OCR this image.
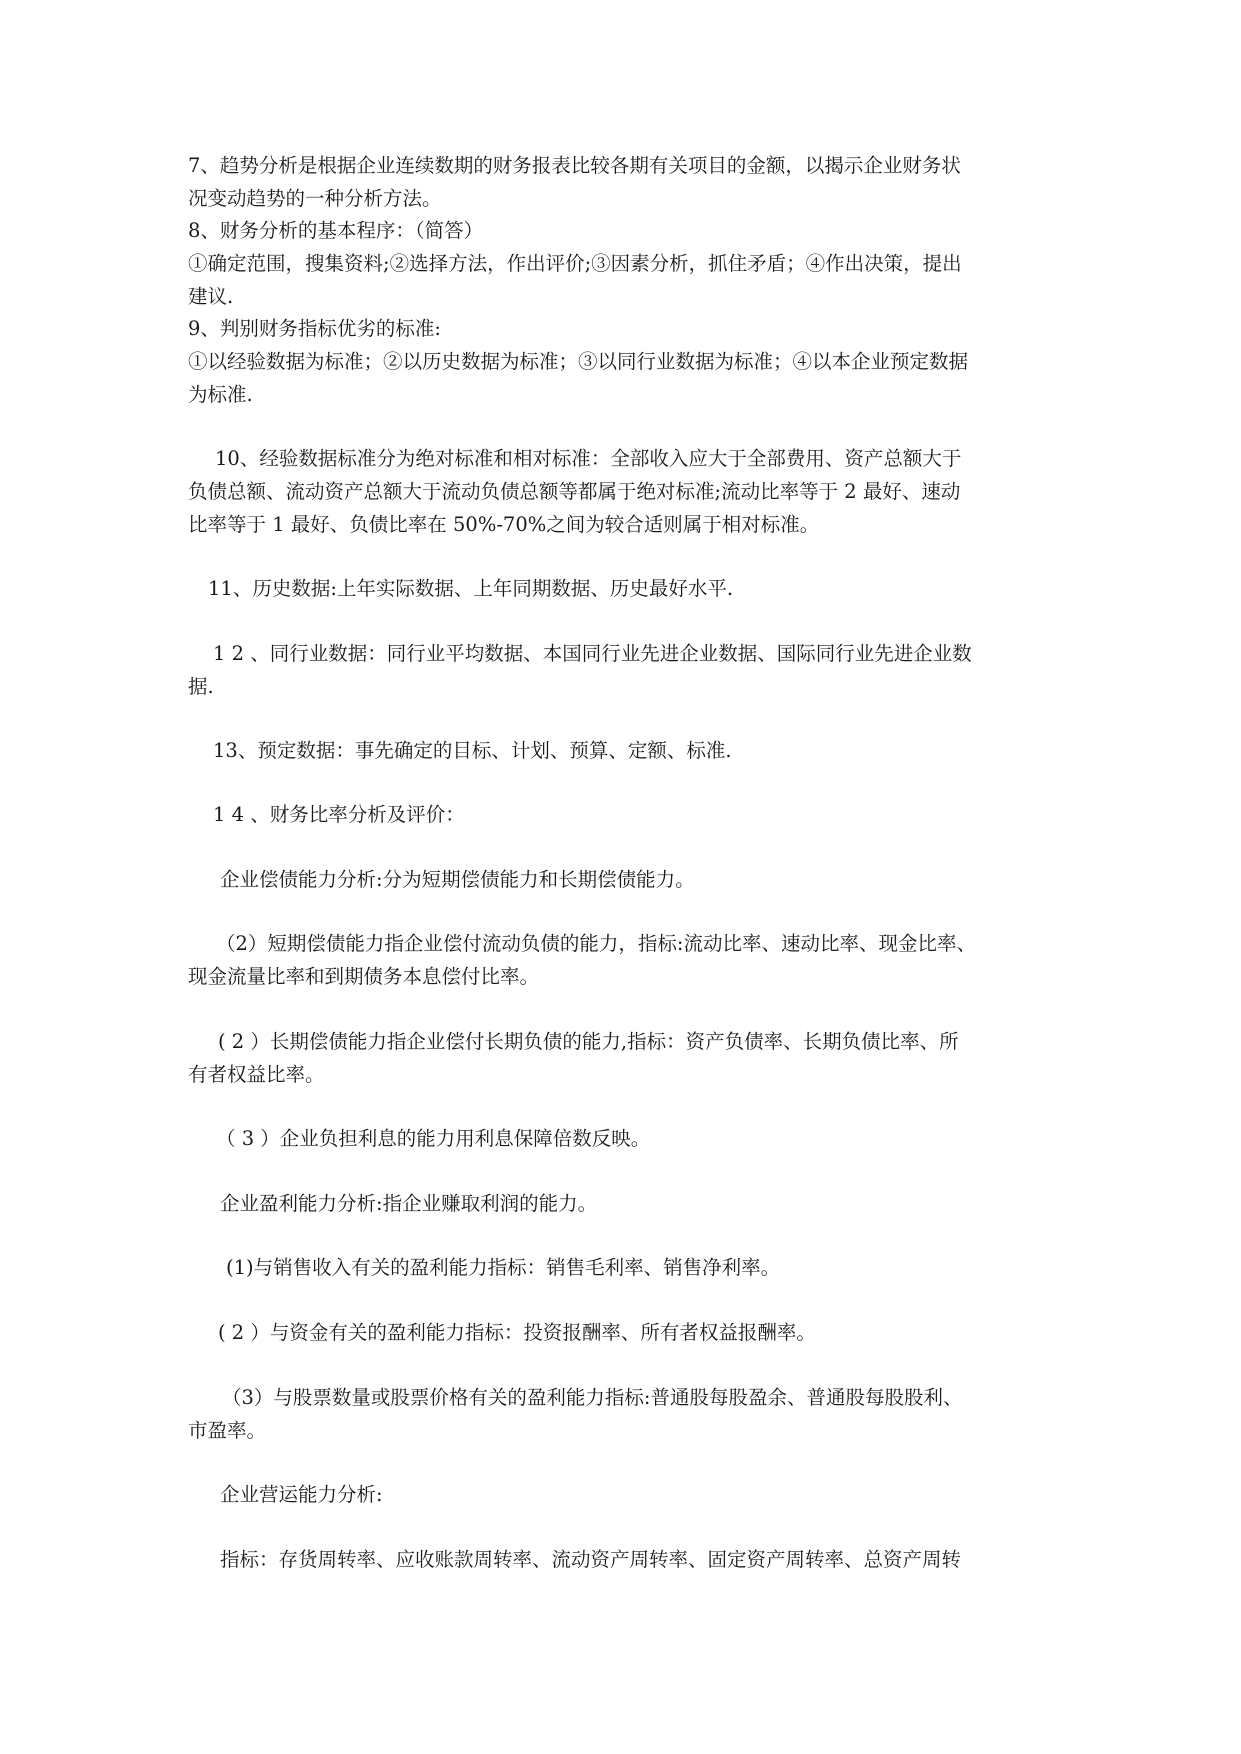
7、趋势分析是根据企业连续数期的财务报表比较各期有关项目的金额，以揭示企业财务状

况变动趋势的一种分析方法。

8、财务分析的基本程序：（简答）

①确定范围，搜集资料;②选择方法，作出评价;③因素分析，抓住矛盾；④作出决策，提出

建议.

9、判别财务指标优劣的标准:

①以经验数据为标准；②以历史数据为标准；③以同行业数据为标准；④以本企业预定数据

为标准.

10、经验数据标准分为绝对标准和相对标准：全部收入应大于全部费用、资产总额大于

负债总额、流动资产总额大于流动负债总额等都属于绝对标准;流动比率等于 2 最好、速动

比率等于 1 最好、负债比率在 50%-70%之间为较合适则属于相对标准。

11、历史数据:上年实际数据、上年同期数据、历史最好水平.

1 2 、同行业数据：同行业平均数据、本国同行业先进企业数据、国际同行业先进企业数

据.

13、预定数据：事先确定的目标、计划、预算、定额、标准.

1 4 、财务比率分析及评价：

企业偿债能力分析:分为短期偿债能力和长期偿债能力。

（2）短期偿债能力指企业偿付流动负债的能力，指标:流动比率、速动比率、现金比率、

现金流量比率和到期债务本息偿付比率。

( 2 ）长期偿债能力指企业偿付长期负债的能力,指标：资产负债率、长期负债比率、所

有者权益比率。

（ 3 ）企业负担利息的能力用利息保障倍数反映。

企业盈利能力分析:指企业赚取利润的能力。

(1)与销售收入有关的盈利能力指标：销售毛利率、销售净利率。

( 2 ）与资金有关的盈利能力指标：投资报酬率、所有者权益报酬率。

（3）与股票数量或股票价格有关的盈利能力指标:普通股每股盈余、普通股每股股利、

市盈率。

企业营运能力分析:

指标：存货周转率、应收账款周转率、流动资产周转率、固定资产周转率、总资产周转
